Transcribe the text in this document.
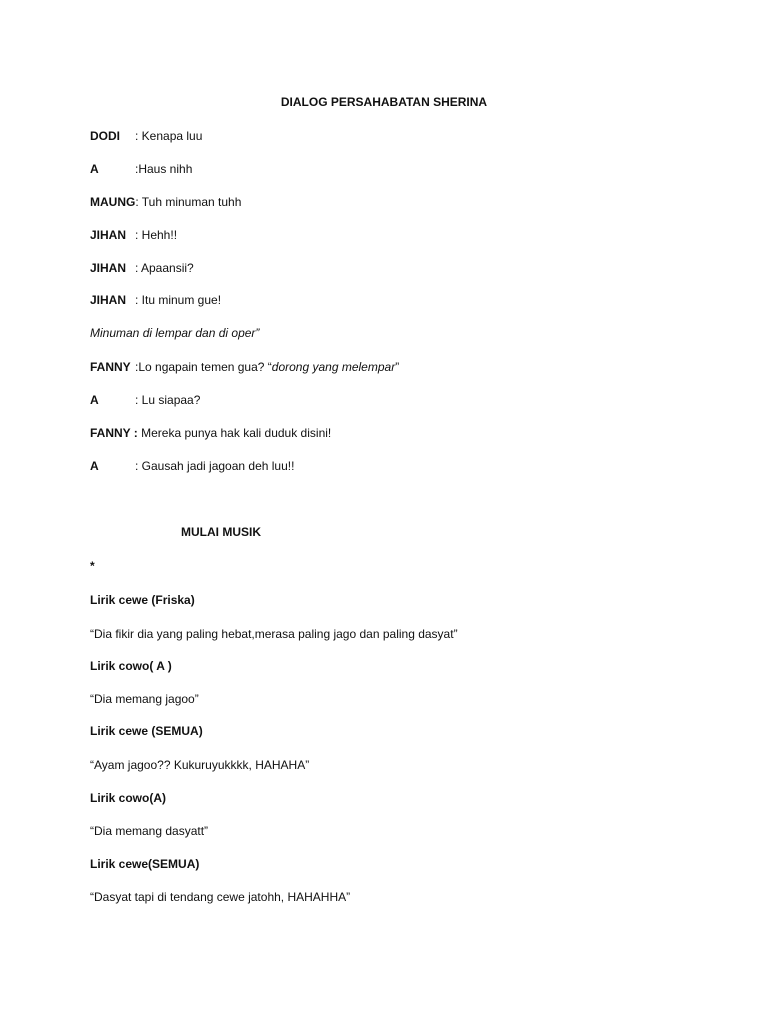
DIALOG PERSAHABATAN SHERINA
DODI : Kenapa luu
A	:Haus nihh
MAUNG: Tuh minuman tuhh
JIHAN : Hehh!!
JIHAN : Apaansii?
JIHAN : Itu minum gue!
Minuman di lempar dan di oper”
FANNY :Lo ngapain temen gua? “dorong yang melempar”
A	: Lu siapaa?
FANNY : Mereka punya hak kali duduk disini!
A	: Gausah jadi jagoan deh luu!!
MULAI MUSIK
*
Lirik cewe (Friska)
“Dia fikir dia yang paling hebat,merasa paling jago dan paling dasyat”
Lirik cowo( A )
“Dia memang jagoo”
Lirik cewe (SEMUA)
“Ayam jagoo?? Kukuruyukkkk, HAHAHA”
Lirik cowo(A)
“Dia memang dasyatt”
Lirik cewe(SEMUA)
“Dasyat tapi di tendang cewe jatohh, HAHAHHA”
